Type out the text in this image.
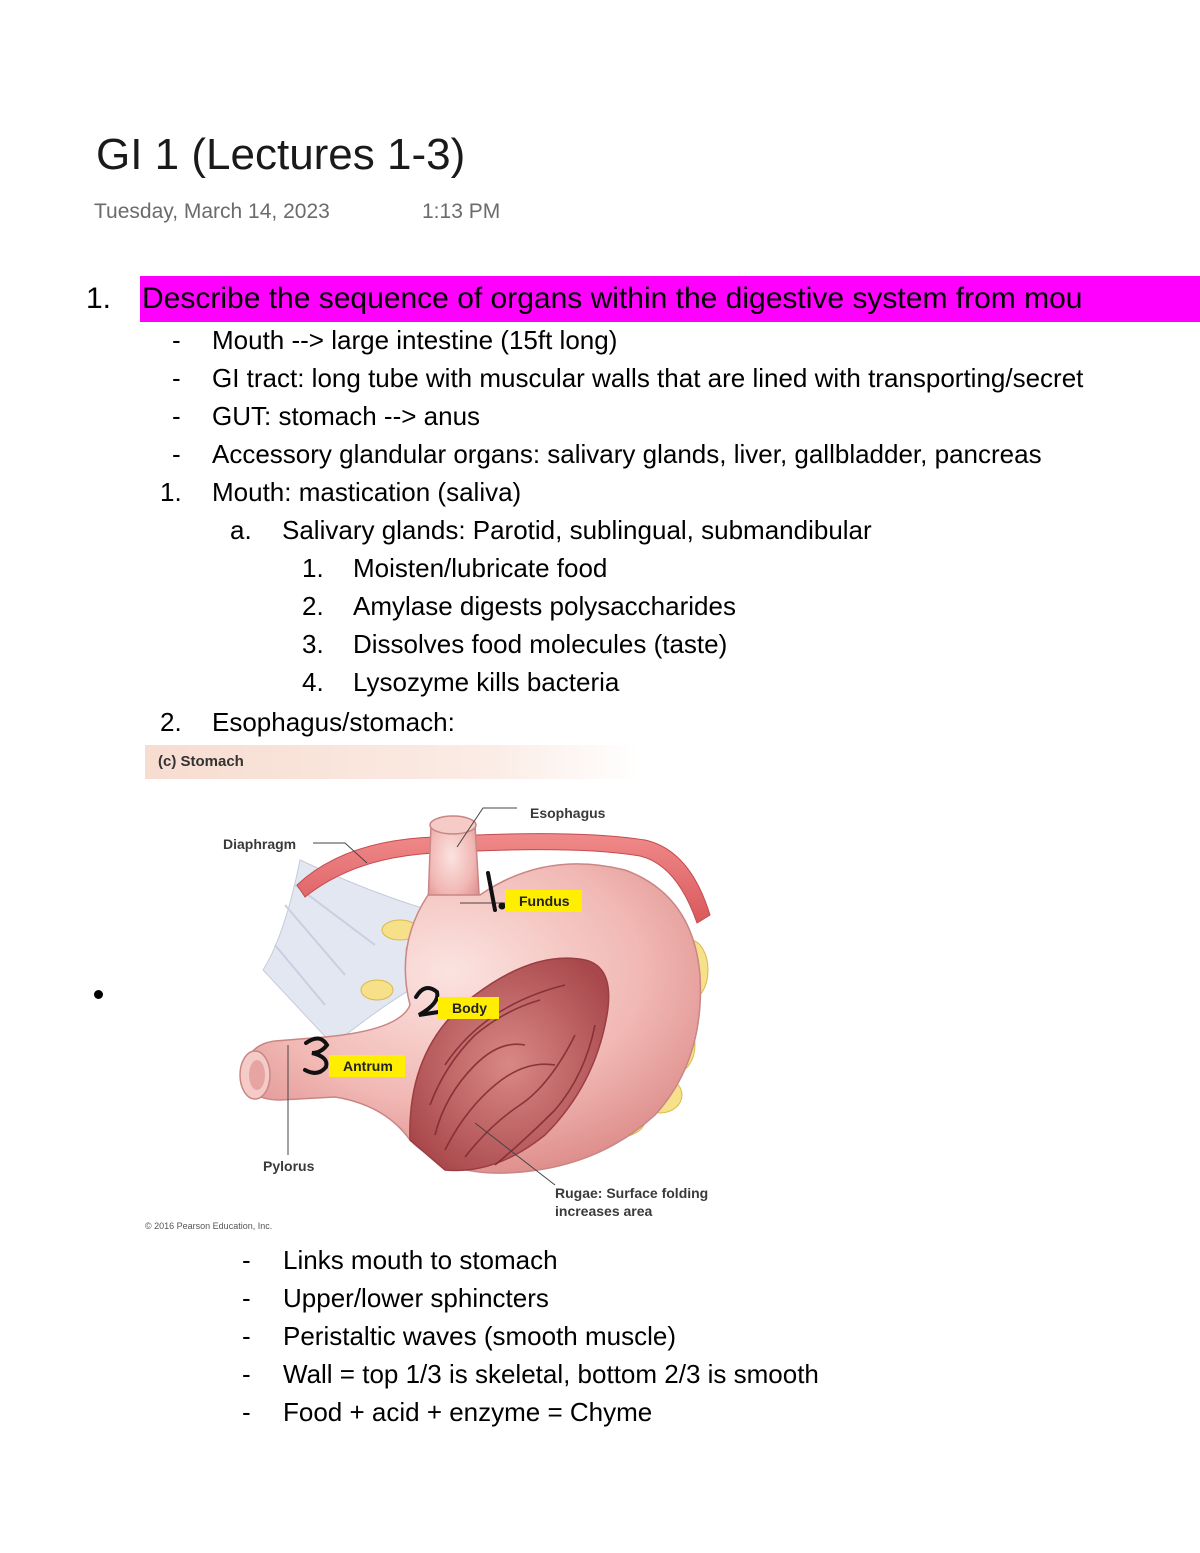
GI 1 (Lectures 1-3)
Tuesday, March 14, 2023	1:13 PM
1. Describe the sequence of organs within the digestive system from mou
- Mouth --> large intestine (15ft long)
- GI tract: long tube with muscular walls that are lined with transporting/secret
- GUT: stomach --> anus
- Accessory glandular organs: salivary glands, liver, gallbladder, pancreas
1. Mouth: mastication (saliva)
a. Salivary glands: Parotid, sublingual, submandibular
1. Moisten/lubricate food
2. Amylase digests polysaccharides
3. Dissolves food molecules (taste)
4. Lysozyme kills bacteria
2. Esophagus/stomach:
(c) Stomach
Esophagus
Diaphragm
Fundus
Body
Antrum
Pylorus
Rugae: Surface folding
increases area
© 2016 Pearson Education, Inc.
- Links mouth to stomach
- Upper/lower sphincters
- Peristaltic waves (smooth muscle)
- Wall = top 1/3 is skeletal, bottom 2/3 is smooth
- Food + acid + enzyme = Chyme
